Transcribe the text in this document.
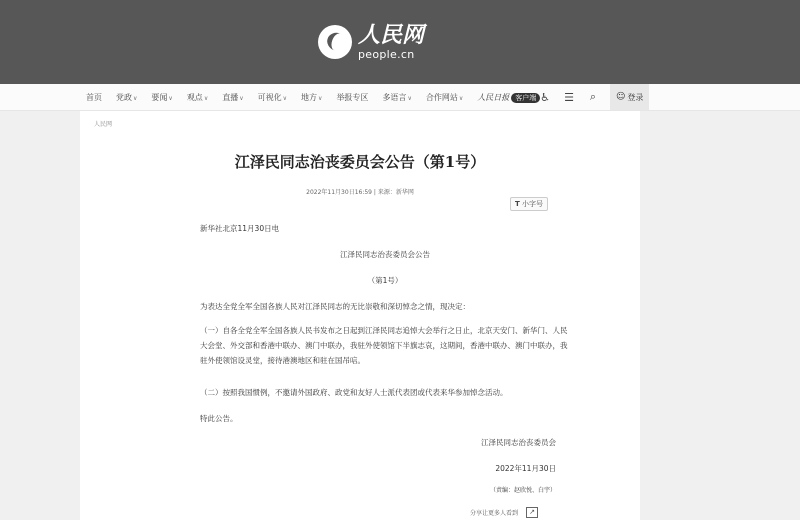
人民网
people.cn
首页 党政∨ 要闻∨ 观点∨ 直播∨ 可视化∨ 地方∨ 举报专区 多语言∨ 合作网站∨ 人民日报 客户端 ♿ ☰	⌕	☺ 登录
人民网
江泽民同志治丧委员会公告（第1号）
2022年11月30日16:59 | 来源：新华网
T 小字号

新华社北京11月30日电

江泽民同志治丧委员会公告

（第1号）

为表达全党全军全国各族人民对江泽民同志的无比崇敬和深切悼念之情，现决定：

（一）自各全党全军全国各族人民书发布之日起到江泽民同志追悼大会举行之日止，北京天安门、新华门、人民大会堂、外交部和香港中联办、澳门中联办，我驻外使领馆下半旗志哀，这期间，香港中联办、澳门中联办，我驻外使领馆设灵堂，接待港澳地区和驻在国吊唁。

（二）按照我国惯例，不邀请外国政府、政党和友好人士派代表团或代表来华参加悼念活动。

特此公告。

江泽民同志治丧委员会

2022年11月30日

（责编：赵欣悦、白宇）

分享让更多人看到	↗
